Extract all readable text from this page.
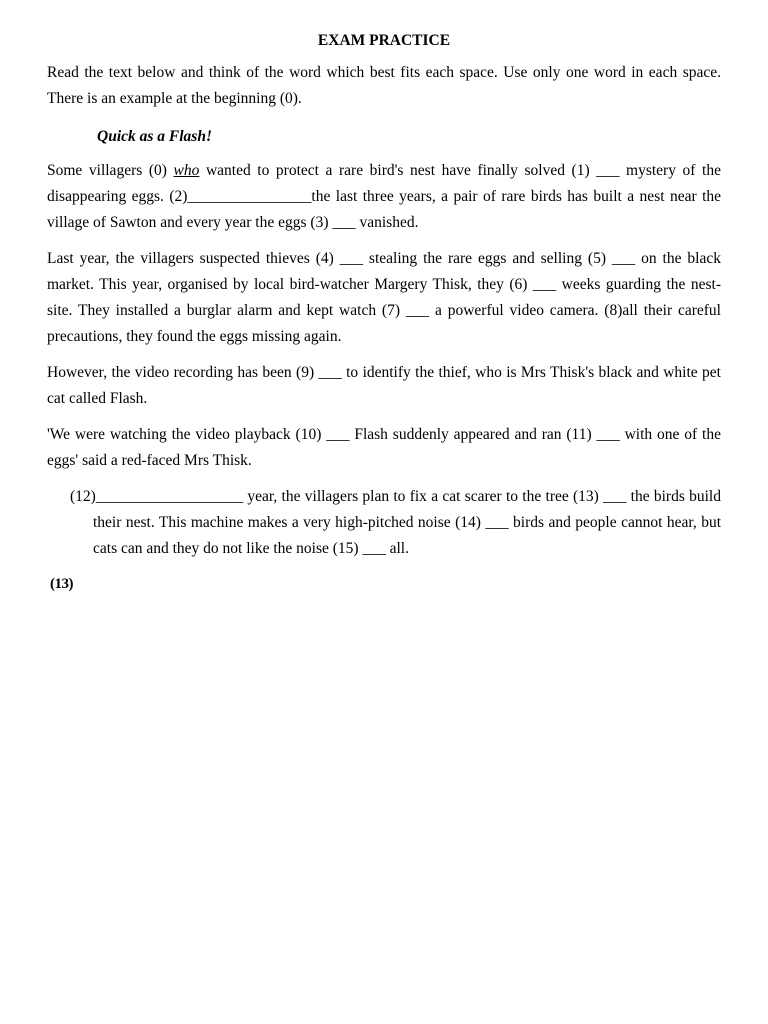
EXAM PRACTICE
Read the text below and think of the word which best fits each space. Use only one word in each space. There is an example at the beginning (0).
Quick as a Flash!
Some villagers (0) who wanted to protect a rare bird's nest have finally solved (1) ___ mystery of the disappearing eggs. (2)________________the last three years, a pair of rare birds has built a nest near the village of Sawton and every year the eggs (3) ___ vanished.
Last year, the villagers suspected thieves (4) ___ stealing the rare eggs and selling (5) ___ on the black market. This year, organised by local bird-watcher Margery Thisk, they (6) ___ weeks guarding the nest-site. They installed a burglar alarm and kept watch (7) ___ a powerful video camera. (8)all their careful precautions, they found the eggs missing again.
However, the video recording has been (9) ___ to identify the thief, who is Mrs Thisk's black and white pet cat called Flash.
'We were watching the video playback (10) ___ Flash suddenly appeared and ran (11) ___ with one of the eggs' said a red-faced Mrs Thisk.
(12)___________________ year, the villagers plan to fix a cat scarer to the tree (13) ___ the birds build their nest. This machine makes a very high-pitched noise (14) ___ birds and people cannot hear, but cats can and they do not like the noise (15) ___ all.
(13)
